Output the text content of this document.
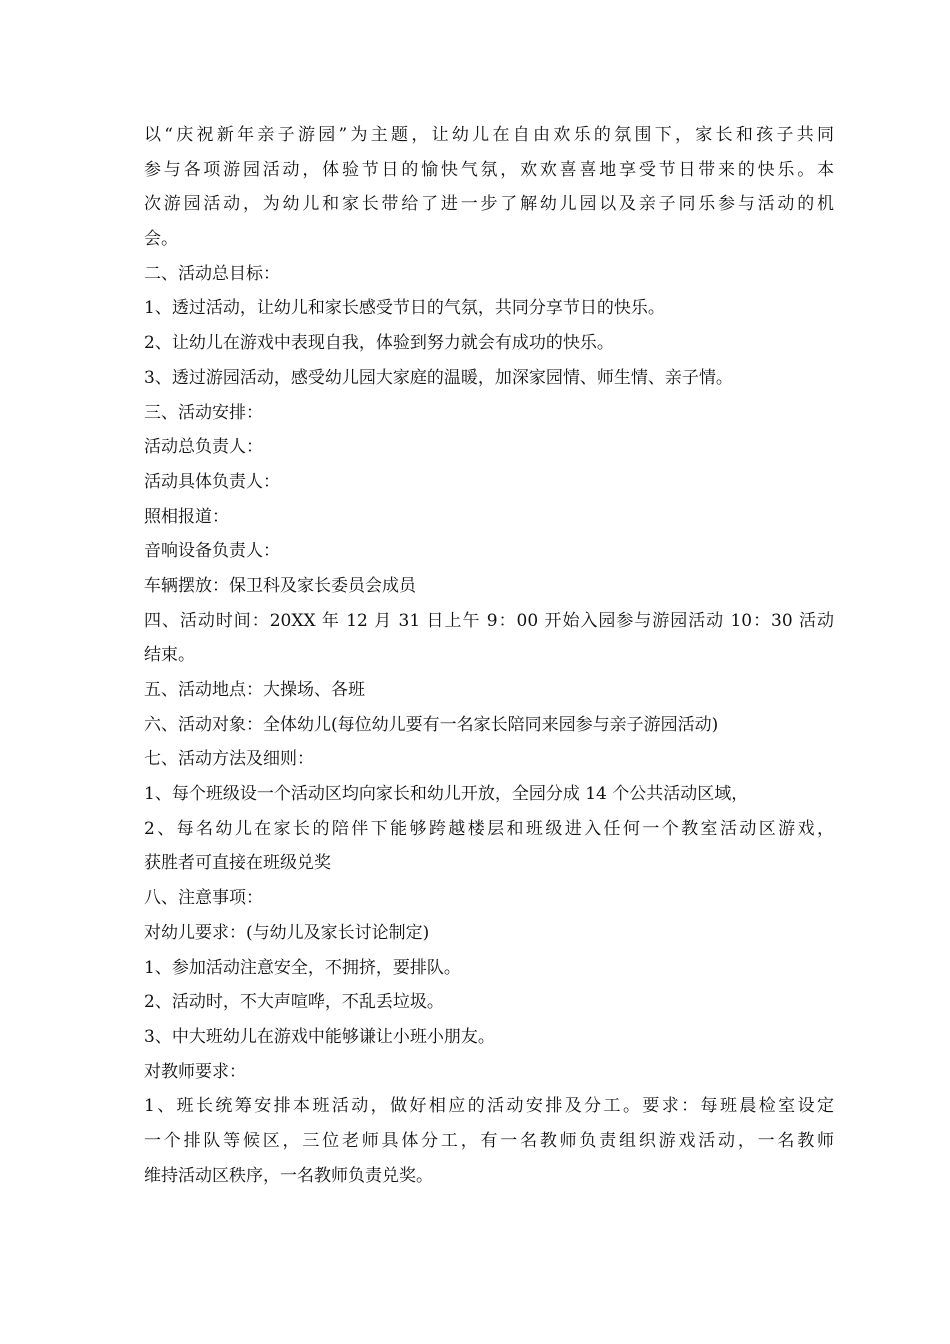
以“庆祝新年亲子游园”为主题，让幼儿在自由欢乐的氛围下，家长和孩子共同
参与各项游园活动，体验节日的愉快气氛，欢欢喜喜地享受节日带来的快乐。本
次游园活动，为幼儿和家长带给了进一步了解幼儿园以及亲子同乐参与活动的机
会。
二、活动总目标：
1、透过活动，让幼儿和家长感受节日的气氛，共同分享节日的快乐。
2、让幼儿在游戏中表现自我，体验到努力就会有成功的快乐。
3、透过游园活动，感受幼儿园大家庭的温暖，加深家园情、师生情、亲子情。
三、活动安排：
活动总负责人：
活动具体负责人：
照相报道：
音响设备负责人：
车辆摆放：保卫科及家长委员会成员
四、活动时间：20XX 年 12 月 31 日上午 9：00 开始入园参与游园活动 10：30 活动
结束。
五、活动地点：大操场、各班
六、活动对象：全体幼儿(每位幼儿要有一名家长陪同来园参与亲子游园活动)
七、活动方法及细则：
1、每个班级设一个活动区均向家长和幼儿开放，全园分成 14 个公共活动区域，
2、每名幼儿在家长的陪伴下能够跨越楼层和班级进入任何一个教室活动区游戏，
获胜者可直接在班级兑奖
八、注意事项：
对幼儿要求：(与幼儿及家长讨论制定)
1、参加活动注意安全，不拥挤，要排队。
2、活动时，不大声喧哗，不乱丢垃圾。
3、中大班幼儿在游戏中能够谦让小班小朋友。
对教师要求：
1、班长统筹安排本班活动，做好相应的活动安排及分工。要求：每班晨检室设定
一个排队等候区，三位老师具体分工，有一名教师负责组织游戏活动，一名教师
维持活动区秩序，一名教师负责兑奖。
